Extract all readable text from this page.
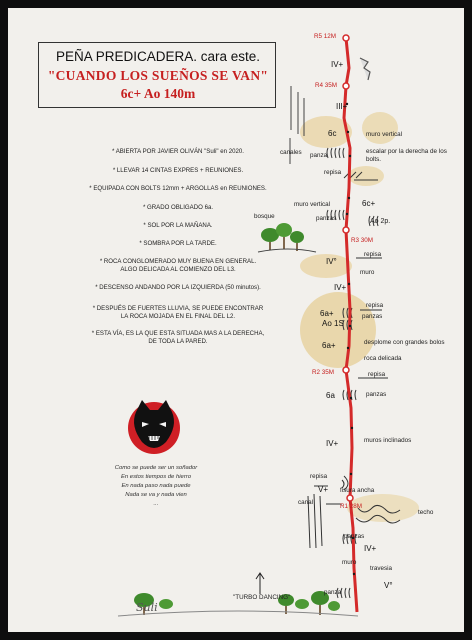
PEÑA PREDICADERA. cara este.
"CUANDO LOS SUEÑOS SE VAN"
6c+ Ao 140m
* ABIERTA POR JAVIER OLIVÁN "Suli" en 2020.
* LLEVAR 14 CINTAS EXPRES + REUNIONES.
* EQUIPADA CON BOLTS 12mm + ARGOLLAS en REUNIONES.
* GRADO OBLIGADO 6a.
* SOL POR LA MAÑANA.
* SOMBRA POR LA TARDE.
* ROCA CONGLOMERADO MUY BUENA EN GENERAL.
ALGO DELICADA AL COMIENZO DEL L3.
* DESCENSO ANDANDO POR LA IZQUIERDA (50 minutos).
* DESPUÉS DE FUERTES LLUVIA, SE PUEDE ENCONTRAR
LA ROCA MOJADA EN EL FINAL DEL L2.
* ESTA VÍA, ES LA QUE ESTA SITUADA MAS A LA DERECHA,
DE TODA LA PARED.
Como se puede ser un soñador
En estos tiempos de hierro
En nada paso nada puede
Nada se va y nada vien
...
Suli
R5 12M
R4 35M
R3 30M
R2 35M
R1 28M
IV+
III+
6c
6c+
IV°
IV+
6a+
Ao 1S
6a+
6a
IV+
V+
IV+
V°
muro vertical
escalar por la derecha de los bolts.
canales panza
repisa
bosque
muro vertical
panzas	Ao 2p.
repisa
muro
repisa
panzas
desplome con grandes bolos
roca delicada
repisa
panzas
muros inclinados
repisa
fisura ancha
canal
techo
panzas
muro
travesia
panza
"TURBO DANCING"
